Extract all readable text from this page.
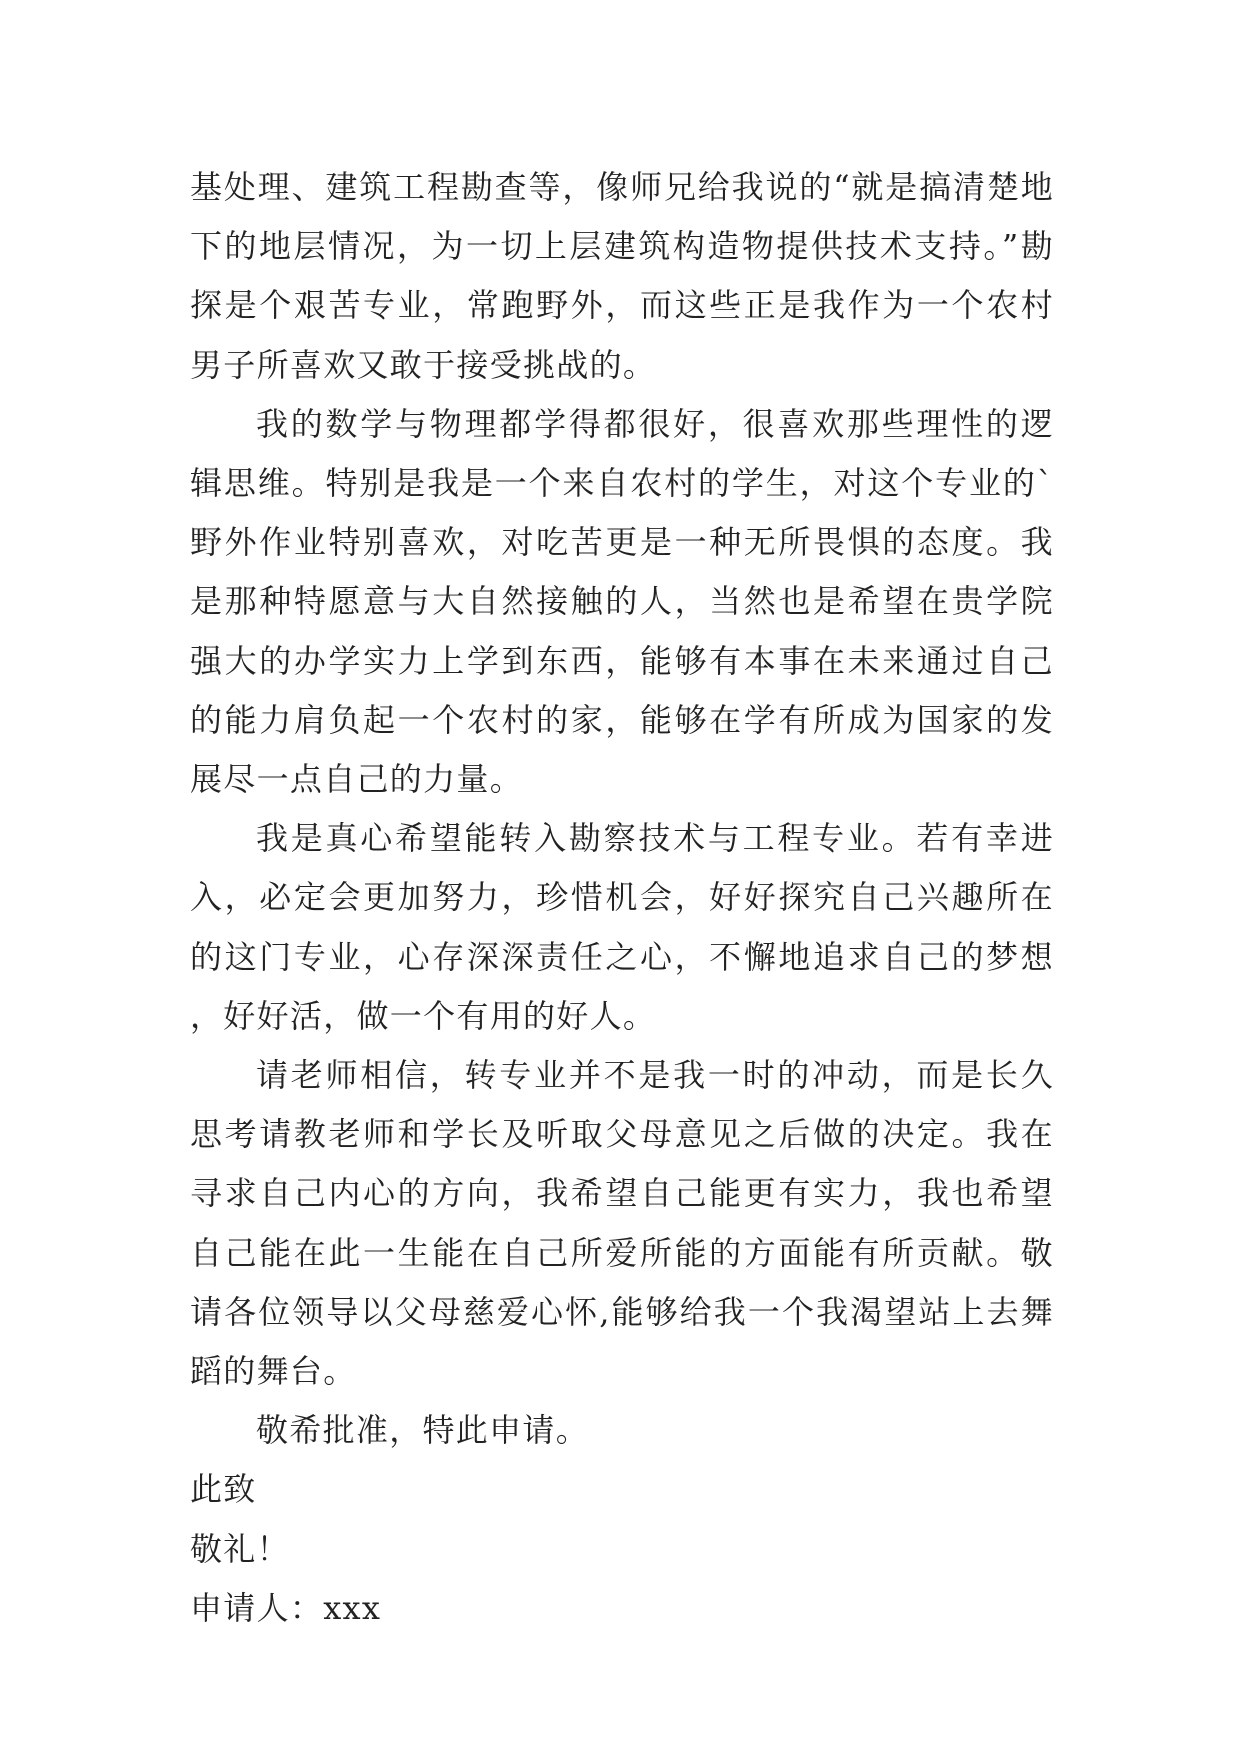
基处理、建筑工程勘查等，像师兄给我说的“就是搞清楚地下的地层情况，为一切上层建筑构造物提供技术支持。”勘探是个艰苦专业，常跑野外，而这些正是我作为一个农村男子所喜欢又敢于接受挑战的。

我的数学与物理都学得都很好，很喜欢那些理性的逻辑思维。特别是我是一个来自农村的学生，对这个专业的`野外作业特别喜欢，对吃苦更是一种无所畏惧的态度。我是那种特愿意与大自然接触的人，当然也是希望在贵学院强大的办学实力上学到东西，能够有本事在未来通过自己的能力肩负起一个农村的家，能够在学有所成为国家的发展尽一点自己的力量。

我是真心希望能转入勘察技术与工程专业。若有幸进入，必定会更加努力，珍惜机会，好好探究自己兴趣所在的这门专业，心存深深责任之心，不懈地追求自己的梦想，好好活，做一个有用的好人。

请老师相信，转专业并不是我一时的冲动，而是长久思考请教老师和学长及听取父母意见之后做的决定。我在寻求自己内心的方向，我希望自己能更有实力，我也希望自己能在此一生能在自己所爱所能的方面能有所贡献。敬请各位领导以父母慈爱心怀,能够给我一个我渴望站上去舞蹈的舞台。

敬希批准，特此申请。

此致

敬礼！

申请人：xxx
